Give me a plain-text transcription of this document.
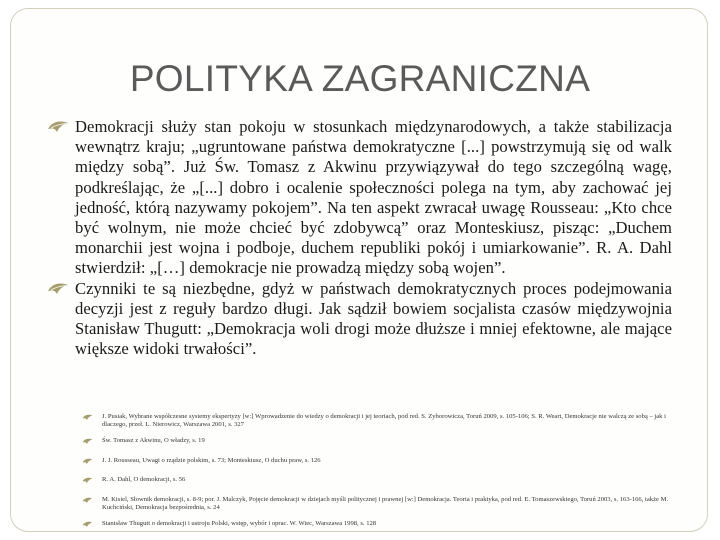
POLITYKA ZAGRANICZNA
Demokracji służy stan pokoju w stosunkach międzynarodowych, a także stabilizacja wewnątrz kraju; „ugruntowane państwa demokratyczne [...] powstrzymują się od walk między sobą”. Już Św. Tomasz z Akwinu przywiązywał do tego szczególną wagę, podkreślając, że „[...] dobro i ocalenie społeczności polega na tym, aby zachować jej jedność, którą nazywamy pokojem”. Na ten aspekt zwracał uwagę Rousseau: „Kto chce być wolnym, nie może chcieć być zdobywcą” oraz Monteskiusz, pisząc: „Duchem monarchii jest wojna i podboje, duchem republiki pokój i umiarkowanie”. R. A. Dahl stwierdził: „[…] demokracje nie prowadzą między sobą wojen”.
Czynniki te są niezbędne, gdyż w państwach demokratycznych proces podejmowania decyzji jest z reguły bardzo długi. Jak sądził bowiem socjalista czasów międzywojnia Stanisław Thugutt: „Demokracja woli drogi może dłuższe i mniej efektowne, ale mające większe widoki trwałości”.
J. Pusiak, Wybrane współczesne systemy ekspertyzy [w:] Wprowadzenie do wiedzy o demokracji i jej teoriach, pod red. S. Zyborowicza, Toruń 2009, s. 105-106; S. R. Weart, Demokracje nie walczą ze sobą – jak i dlaczego, przeł. L. Nierowicz, Warszawa 2001, s. 327
Św. Tomasz z Akwinu, O władzy, s. 19
J. J. Rousseau, Uwagi o rządzie polskim, s. 73; Monteskiusz, O duchu praw, s. 126
R. A. Dahl, O demokracji, s. 56
M. Kisiel, Słownik demokracji, s. 8-9; por. J. Malczyk, Pojęcie demokracji w dziejach myśli politycznej i prawnej [w:] Demokracja. Teoria i praktyka, pod red. E. Tomaszewskiego, Toruń 2003, s. 163-166, także M. Kuchciński, Demokracja bezpośrednia, s. 24
Stanisław Thugutt o demokracji i ustroju Polski, wstęp, wybór i oprac. W. Wiec, Warszawa 1998, s. 128
